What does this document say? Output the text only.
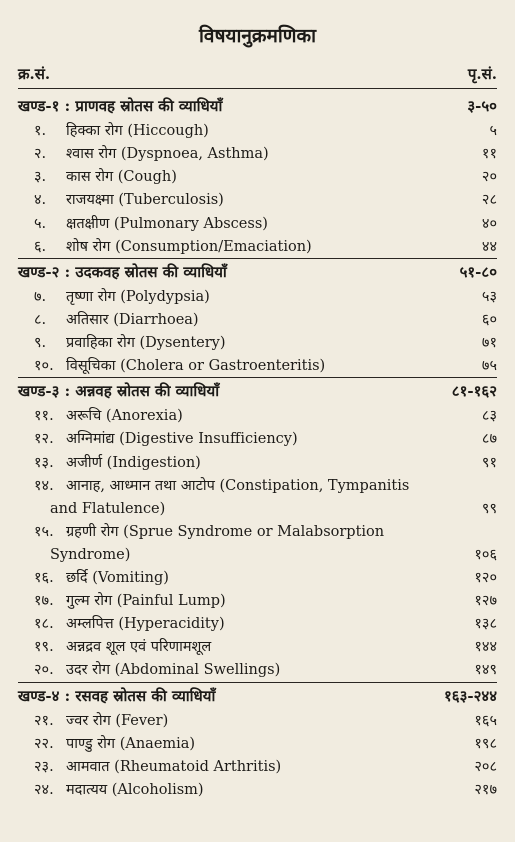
विषयानुक्रमणिका
क्र.सं.	पृ.सं.
खण्ड-१ : प्राणवह स्रोतस की व्याधियाँ	३-५०
१. हिक्का रोग (Hiccough)	५
२. श्वास रोग (Dyspnoea, Asthma)	११
३. कास रोग (Cough)	२०
४. राजयक्ष्मा (Tuberculosis)	२८
५. क्षतक्षीण (Pulmonary Abscess)	४०
६. शोष रोग (Consumption/Emaciation)	४४
खण्ड-२ : उदकवह स्रोतस की व्याधियाँ	५१-८०
७. तृष्णा रोग (Polydypsia)	५३
८. अतिसार (Diarrhoea)	६०
९. प्रवाहिका रोग (Dysentery)	७१
१०. विसूचिका (Cholera or Gastroenteritis)	७५
खण्ड-३ : अन्नवह स्रोतस की व्याधियाँ	८१-१६२
११. अरूचि (Anorexia)	८३
१२. अग्निमांद्य (Digestive Insufficiency)	८७
१३. अजीर्ण (Indigestion)	९१
१४. आनाह, आध्मान तथा आटोप (Constipation, Tympanitis
and Flatulence)	९९
१५. ग्रहणी रोग (Sprue Syndrome or Malabsorption
Syndrome)	१०६
१६. छर्दि (Vomiting)	१२०
१७. गुल्म रोग (Painful Lump)	१२७
१८. अम्लपित्त (Hyperacidity)	१३८
१९. अन्नद्रव शूल एवं परिणामशूल	१४४
२०. उदर रोग (Abdominal Swellings)	१४९
खण्ड-४ : रसवह स्रोतस की व्याधियाँ	१६३-२४४
२१. ज्वर रोग (Fever)	१६५
२२. पाण्डु रोग (Anaemia)	१९८
२३. आमवात (Rheumatoid Arthritis)	२०८
२४. मदात्यय (Alcoholism)	२१७
